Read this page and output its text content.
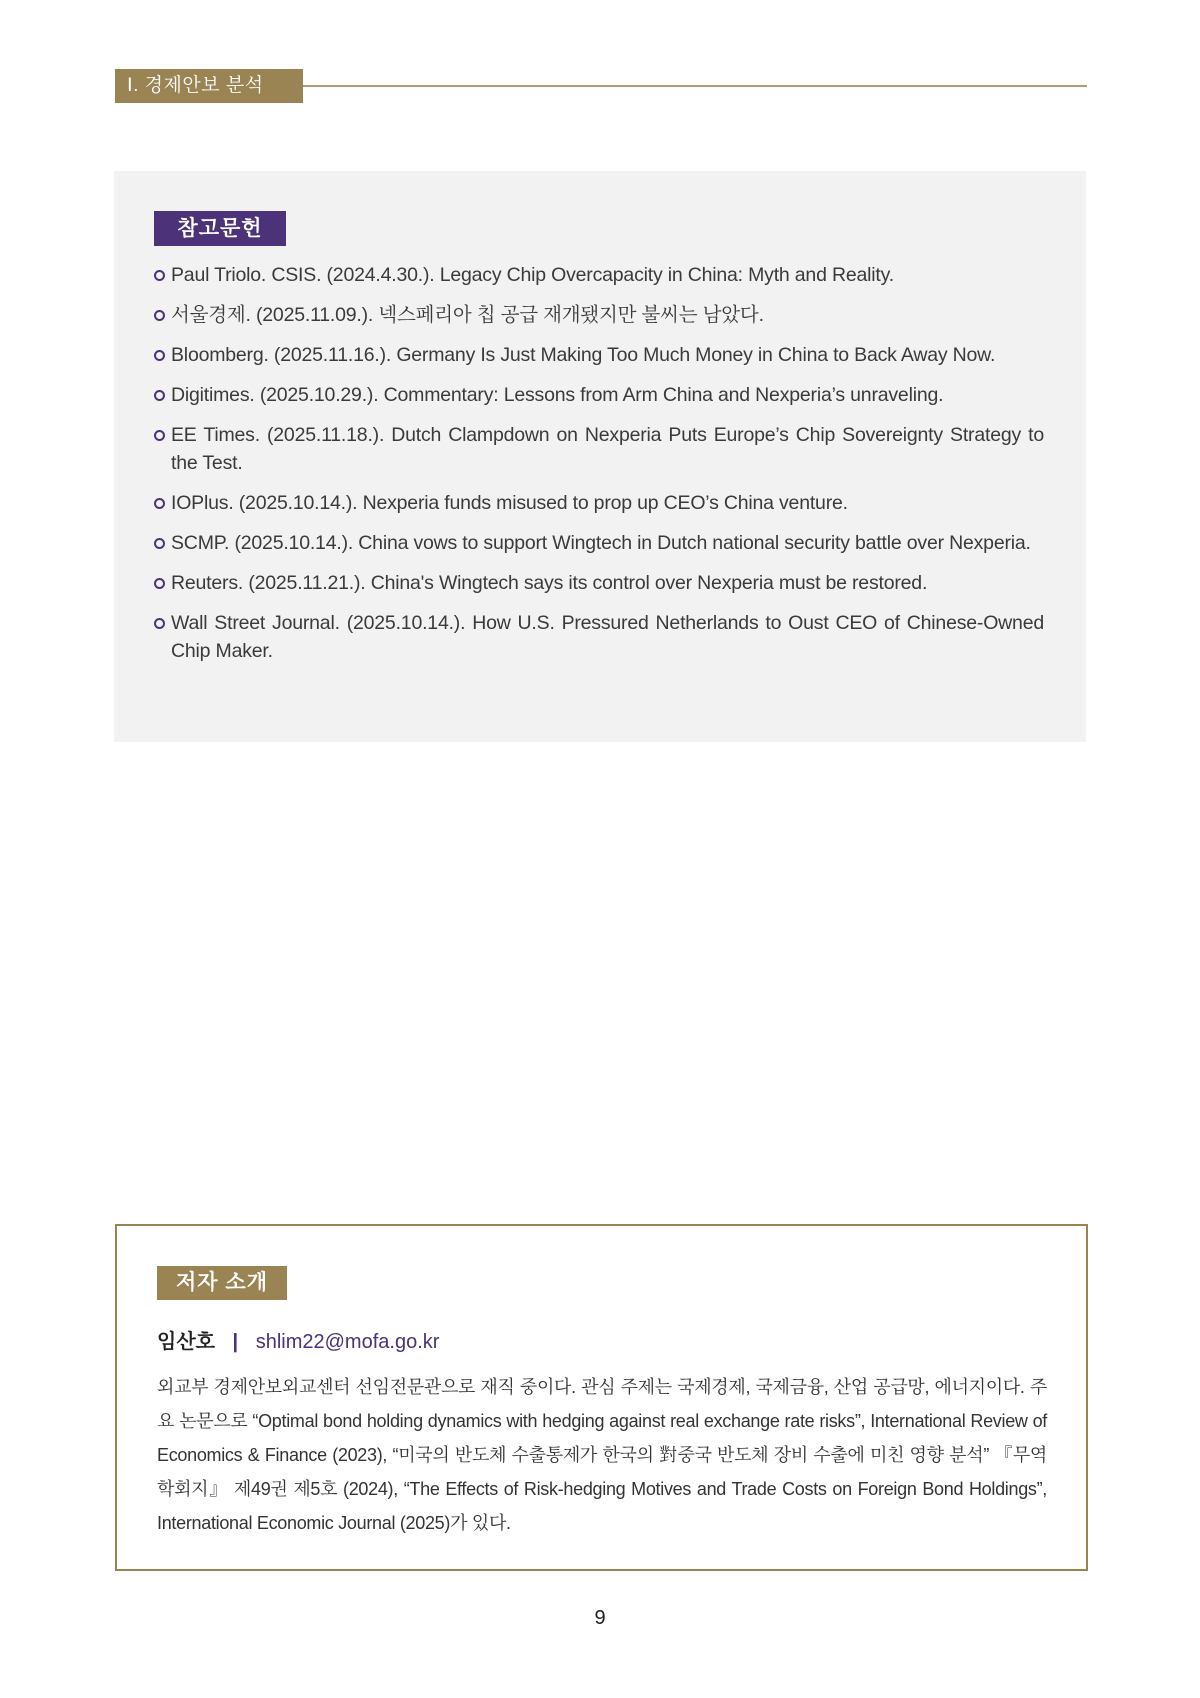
Ⅰ. 경제안보 분석
참고문헌
Paul Triolo. CSIS. (2024.4.30.). Legacy Chip Overcapacity in China: Myth and Reality.
서울경제. (2025.11.09.). 넥스페리아 칩 공급 재개됐지만 불씨는 남았다.
Bloomberg. (2025.11.16.). Germany Is Just Making Too Much Money in China to Back Away Now.
Digitimes. (2025.10.29.). Commentary: Lessons from Arm China and Nexperia’s unraveling.
EE Times. (2025.11.18.). Dutch Clampdown on Nexperia Puts Europe’s Chip Sovereignty Strategy to the Test.
IOPlus. (2025.10.14.). Nexperia funds misused to prop up CEO’s China venture.
SCMP. (2025.10.14.). China vows to support Wingtech in Dutch national security battle over Nexperia.
Reuters. (2025.11.21.). China's Wingtech says its control over Nexperia must be restored.
Wall Street Journal. (2025.10.14.). How U.S. Pressured Netherlands to Oust CEO of Chinese-Owned Chip Maker.
저자 소개
임산호 | shlim22@mofa.go.kr
외교부 경제안보외교센터 선임전문관으로 재직 중이다. 관심 주제는 국제경제, 국제금융, 산업 공급망, 에너지이다. 주요 논문으로 “Optimal bond holding dynamics with hedging against real exchange rate risks”, International Review of Economics & Finance (2023), “미국의 반도체 수출통제가 한국의 對중국 반도체 장비 수출에 미친 영향 분석” 『무역학회지』 제49권 제5호 (2024), “The Effects of Risk-hedging Motives and Trade Costs on Foreign Bond Holdings”, International Economic Journal (2025)가 있다.
9
